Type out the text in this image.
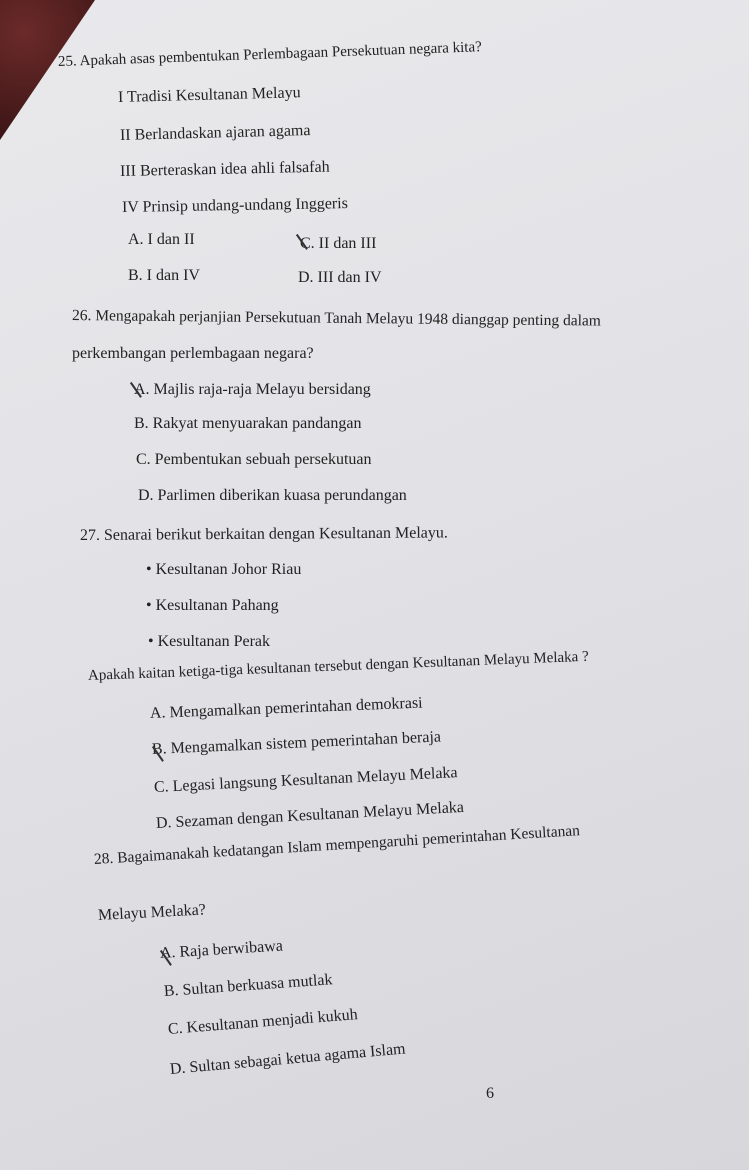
25. Apakah asas pembentukan Perlembagaan Persekutuan negara kita?
I Tradisi Kesultanan Melayu
II Berlandaskan ajaran agama
III Berteraskan idea ahli falsafah
IV Prinsip undang-undang Inggeris
A. I dan II	C. II dan III
B. I dan IV	D. III dan IV
26. Mengapakah perjanjian Persekutuan Tanah Melayu 1948 dianggap penting dalam
perkembangan perlembagaan negara?
A. Majlis raja-raja Melayu bersidang
B. Rakyat menyuarakan pandangan
C. Pembentukan sebuah persekutuan
D. Parlimen diberikan kuasa perundangan
27. Senarai berikut berkaitan dengan Kesultanan Melayu.
• Kesultanan Johor Riau
• Kesultanan Pahang
• Kesultanan Perak
Apakah kaitan ketiga-tiga kesultanan tersebut dengan Kesultanan Melayu Melaka ?
A. Mengamalkan pemerintahan demokrasi
B. Mengamalkan sistem pemerintahan beraja
C. Legasi langsung Kesultanan Melayu Melaka
D. Sezaman dengan Kesultanan Melayu Melaka
28. Bagaimanakah kedatangan Islam mempengaruhi pemerintahan Kesultanan
Melayu Melaka?
A. Raja berwibawa
B. Sultan berkuasa mutlak
C. Kesultanan menjadi kukuh
D. Sultan sebagai ketua agama Islam
6
